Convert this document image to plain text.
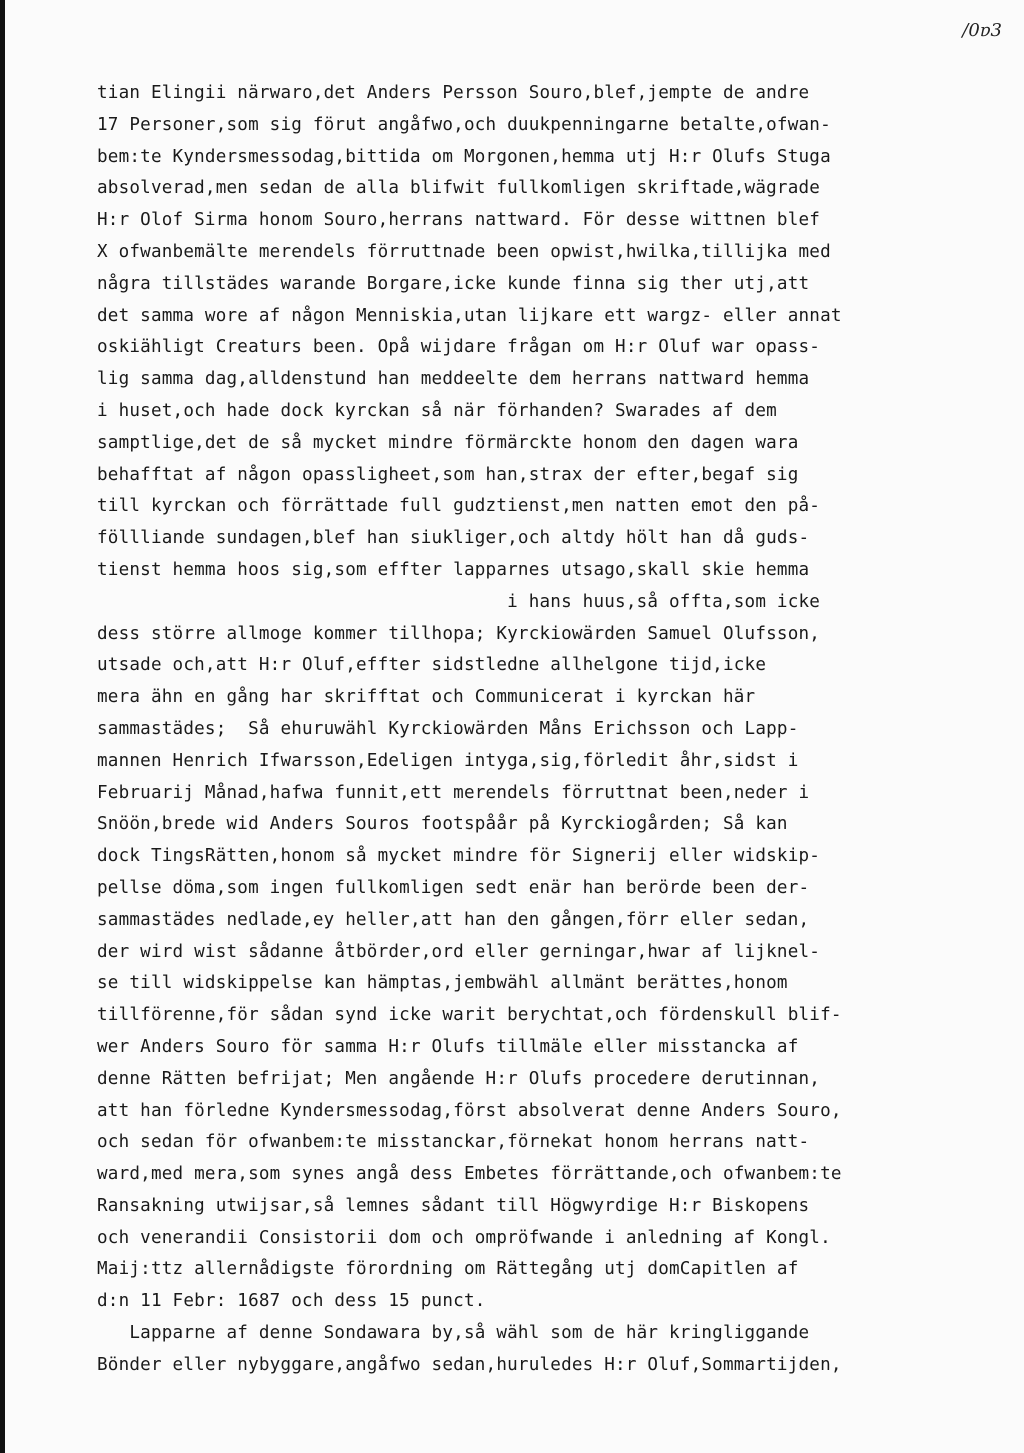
/0ɐ3
tian Elingii närwaro,det Anders Persson Souro,blef,jempte de andre
17 Personer,som sig förut angåfwo,och duukpenningarne betalte,ofwan-
bem:te Kyndersmessodag,bittida om Morgonen,hemma utj H:r Olufs Stuga
absolverad,men sedan de alla blifwit fullkomligen skriftade,wägrade
H:r Olof Sirma honom Souro,herrans nattward. För desse wittnen blef
X ofwanbemälte merendels förruttnade been opwist,hwilka,tillijka med
några tillstädes warande Borgare,icke kunde finna sig ther utj,att
det samma wore af någon Menniskia,utan lijkare ett wargz- eller annat
oskiähligt Creaturs been. Opå wijdare frågan om H:r Oluf war opass-
lig samma dag,alldenstund han meddeelte dem herrans nattward hemma
i huset,och hade dock kyrckan så när förhanden? Swarades af dem
samptlige,det de så mycket mindre förmärckte honom den dagen wara
behafftat af någon opassligheet,som han,strax der efter,begaf sig
till kyrckan och förrättade full gudztienst,men natten emot den på-
föllliande sundagen,blef han siukliger,och altdy hölt han då guds-
tienst hemma hoos sig,som effter lapparnes utsago,skall skie hemma
i hans huus,så offta,som icke
dess större allmoge kommer tillhopa; Kyrckiowärden Samuel Olufsson,
utsade och,att H:r Oluf,effter sidstledne allhelgone tijd,icke
mera ähn en gång har skrifftat och Communicerat i kyrckan här
sammastädes;  Så ehuruwähl Kyrckiowärden Måns Erichsson och Lapp-
mannen Henrich Ifwarsson,Edeligen intyga,sig,förledit åhr,sidst i
Februarij Månad,hafwa funnit,ett merendels förruttnat been,neder i
Snöön,brede wid Anders Souros footspåår på Kyrckiogården; Så kan
dock TingsRätten,honom så mycket mindre för Signerij eller widskip-
pellse döma,som ingen fullkomligen sedt enär han berörde been der-
sammastädes nedlade,ey heller,att han den gången,förr eller sedan,
der wird wist sådanne åtbörder,ord eller gerningar,hwar af lijknel-
se till widskippelse kan hämptas,jembwähl allmänt berättes,honom
tillförenne,för sådan synd icke warit berychtat,och fördenskull blif-
wer Anders Souro för samma H:r Olufs tillmäle eller misstancka af
denne Rätten befrijat; Men angående H:r Olufs procedere derutinnan,
att han förledne Kyndersmessodag,först absolverat denne Anders Souro,
och sedan för ofwanbem:te misstanckar,förnekat honom herrans natt-
ward,med mera,som synes angå dess Embetes förrättande,och ofwanbem:te
Ransakning utwijsar,så lemnes sådant till Högwyrdige H:r Biskopens
och venerandii Consistorii dom och ompröfwande i anledning af Kongl.
Maij:ttz allernådigste förordning om Rättegång utj domCapitlen af
d:n 11 Febr: 1687 och dess 15 punct.
Lapparne af denne Sondawara by,så wähl som de här kringliggande
Bönder eller nybyggare,angåfwo sedan,huruledes H:r Oluf,Sommartijden,
